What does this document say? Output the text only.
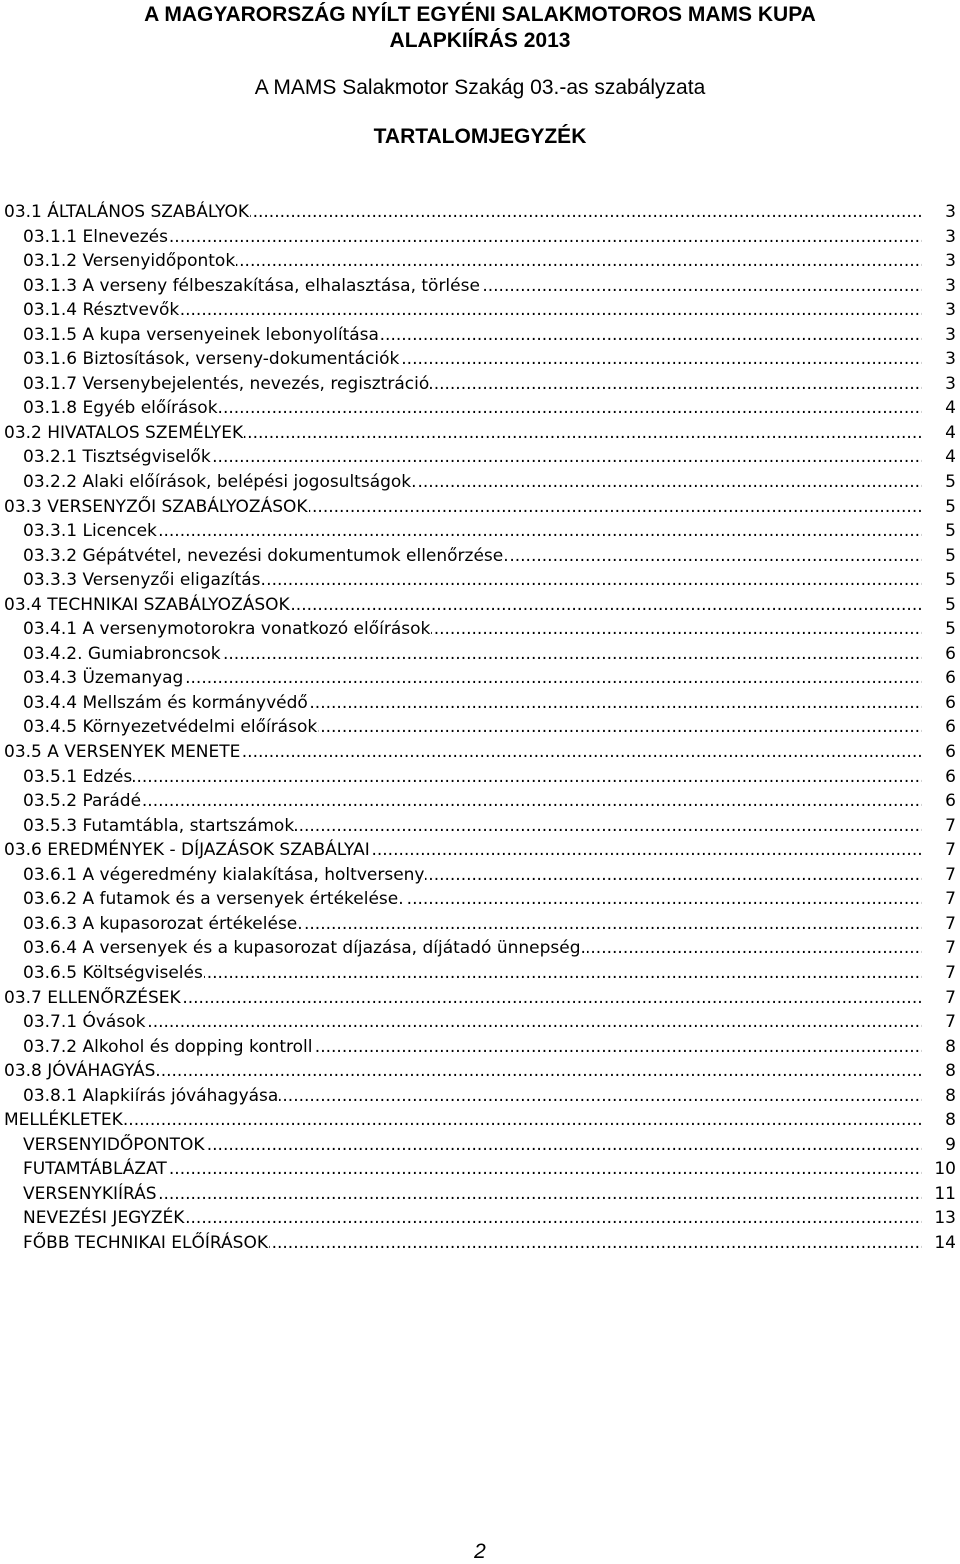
A MAGYARORSZÁG NYÍLT EGYÉNI SALAKMOTOROS MAMS KUPA
ALAPKIÍRÁS 2013
A MAMS Salakmotor Szakág 03.-as szabályzata
TARTALOMJEGYZÉK
.....
03.1 ÁLTALÁNOS SZABÁLYOK	3
.....
03.1.1 Elnevezés	3
.....
03.1.2 Versenyidőpontok	3
.....
03.1.3 A verseny félbeszakítása, elhalasztása, törlése	3
.....
03.1.4 Résztvevők	3
.....
03.1.5 A kupa versenyeinek lebonyolítása	3
.....
03.1.6 Biztosítások, verseny-dokumentációk	3
.....
03.1.7 Versenybejelentés, nevezés, regisztráció	3
.....
03.1.8 Egyéb előírások	4
.....
03.2 HIVATALOS SZEMÉLYEK	4
.....
03.2.1 Tisztségviselők	4
.....
03.2.2 Alaki előírások, belépési jogosultságok.	5
.....
03.3 VERSENYZŐI SZABÁLYOZÁSOK	5
.....
03.3.1 Licencek	5
.....
03.3.2 Gépátvétel, nevezési dokumentumok ellenőrzése.	5
.....
03.3.3 Versenyzői eligazítás.	5
.....
03.4 TECHNIKAI SZABÁLYOZÁSOK	5
.....
03.4.1 A versenymotorokra vonatkozó előírások	5
.....
03.4.2. Gumiabroncsok	6
.....
03.4.3 Üzemanyag	6
.....
03.4.4 Mellszám és kormányvédő	6
.....
03.4.5 Környezetvédelmi előírások	6
.....
03.5 A VERSENYEK MENETE	6
.....
03.5.1 Edzés	6
.....
03.5.2 Parádé	6
.....
03.5.3 Futamtábla, startszámok	7
.....
03.6 EREDMÉNYEK - DÍJAZÁSOK SZABÁLYAI	7
.....
03.6.1 A végeredmény kialakítása, holtverseny	7
.....
03.6.2 A futamok és a versenyek értékelése.	7
.....
03.6.3 A kupasorozat értékelése.	7
.....
03.6.4 A versenyek és a kupasorozat díjazása, díjátadó ünnepség.	7
.....
03.6.5 Költségviselés	7
.....
03.7 ELLENŐRZÉSEK	7
.....
03.7.1 Óvások	7
.....
03.7.2 Alkohol és dopping kontroll	8
.....
03.8 JÓVÁHAGYÁS	8
.....
03.8.1 Alapkiírás jóváhagyása	8
.....
MELLÉKLETEK	8
.....
VERSENYIDŐPONTOK	9
.....
FUTAMTÁBLÁZAT	10
.....
VERSENYKIÍRÁS	11
.....
NEVEZÉSI JEGYZÉK	13
.....
FŐBB TECHNIKAI ELŐÍRÁSOK	14
2
